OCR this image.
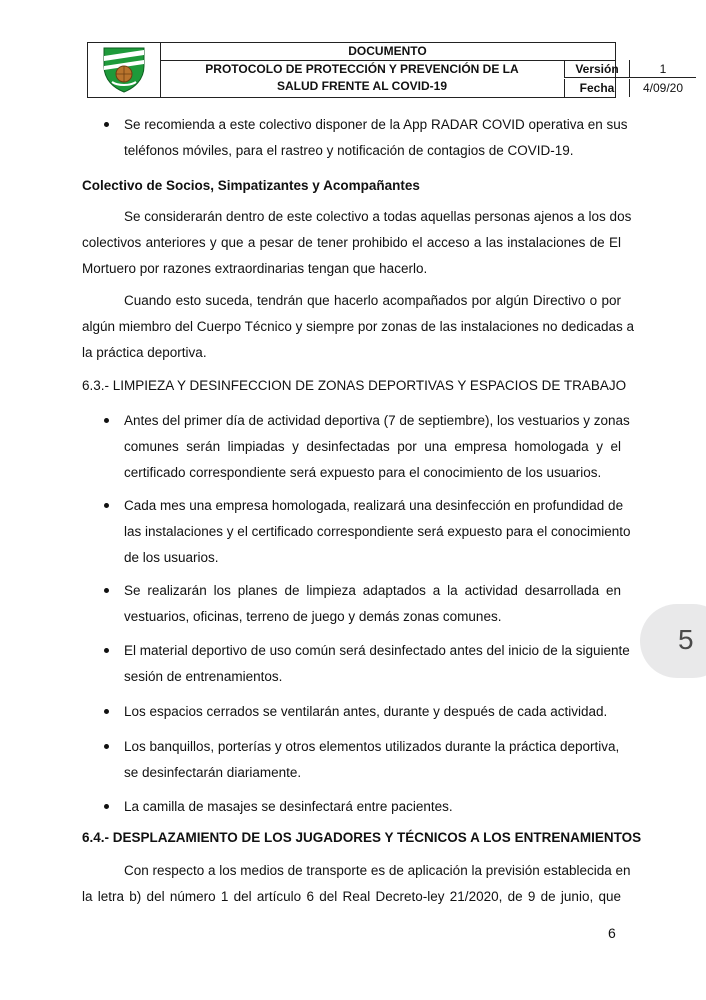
DOCUMENTO
PROTOCOLO DE PROTECCIÓN Y PREVENCIÓN DE LA
SALUD FRENTE AL COVID-19
Versión	1
Fecha	4/09/20
Se recomienda a este colectivo disponer de la App RADAR COVID operativa en sus
teléfonos móviles, para el rastreo y notificación de contagios de COVID-19.
Colectivo de Socios, Simpatizantes y Acompañantes
Se considerarán dentro de este colectivo a todas aquellas personas ajenos a los dos
colectivos anteriores y que a pesar de tener prohibido el acceso a las instalaciones de El
Mortuero por razones extraordinarias tengan que hacerlo.
Cuando esto suceda, tendrán que hacerlo acompañados por algún Directivo o por
algún miembro del Cuerpo Técnico y siempre por zonas de las instalaciones no dedicadas a
la práctica deportiva.
6.3.- LIMPIEZA Y DESINFECCION DE ZONAS DEPORTIVAS Y ESPACIOS DE TRABAJO
Antes del primer día de actividad deportiva (7 de septiembre), los vestuarios y zonas
comunes serán limpiadas y desinfectadas por una empresa homologada y el
certificado correspondiente será expuesto para el conocimiento de los usuarios.
Cada mes una empresa homologada, realizará una desinfección en profundidad de
las instalaciones y el certificado correspondiente será expuesto para el conocimiento
de los usuarios.
Se realizarán los planes de limpieza adaptados a la actividad desarrollada en
vestuarios, oficinas, terreno de juego y demás zonas comunes.
El material deportivo de uso común será desinfectado antes del inicio de la siguiente
sesión de entrenamientos.
Los espacios cerrados se ventilarán antes, durante y después de cada actividad.
Los banquillos, porterías y otros elementos utilizados durante la práctica deportiva,
se desinfectarán diariamente.
La camilla de masajes se desinfectará entre pacientes.
6.4.- DESPLAZAMIENTO DE LOS JUGADORES Y TÉCNICOS A LOS ENTRENAMIENTOS
Con respecto a los medios de transporte es de aplicación la previsión establecida en
la letra b) del número 1 del artículo 6 del Real Decreto-ley 21/2020, de 9 de junio, que
5
6
